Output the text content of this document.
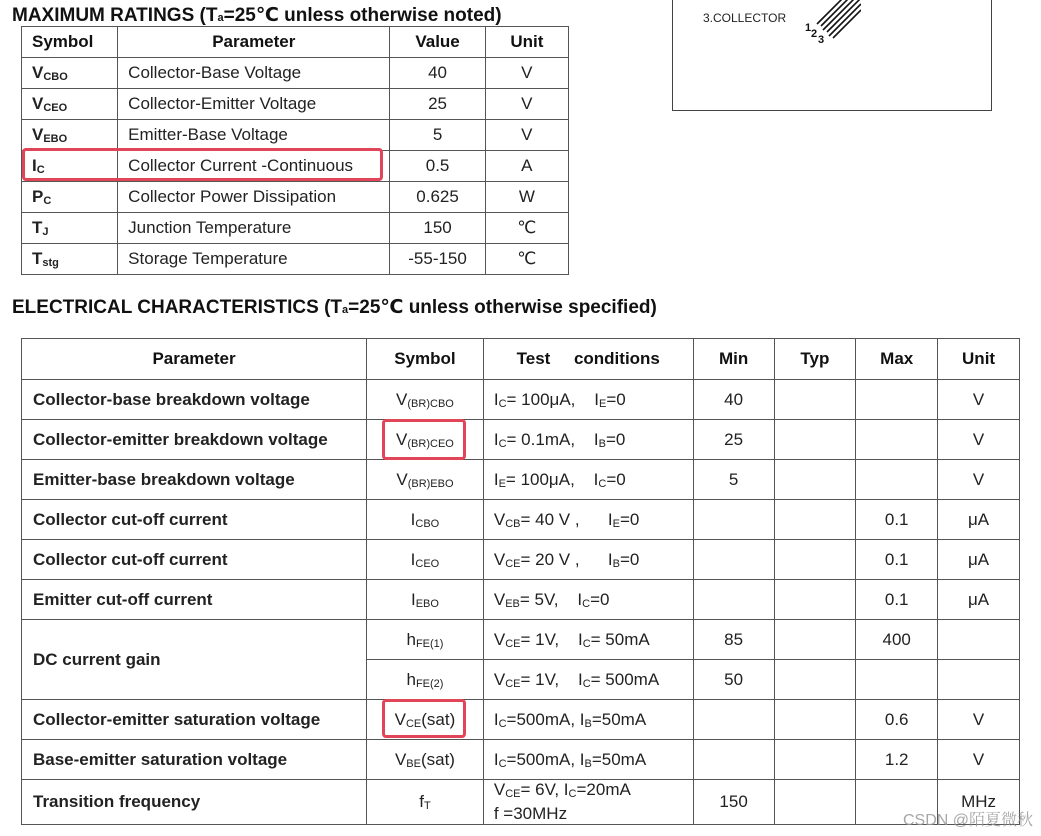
MAXIMUM RATINGS (Ta=25℃ unless otherwise noted)
Symbol	Parameter	Value	Unit
$V_{CBO}$	Collector-Base Voltage	40	V
$V_{CEO}$	Collector-Emitter Voltage	25	V
$V_{EBO}$	Emitter-Base Voltage	5	V
$I_C$	Collector Current -Continuous	0.5	A
$P_C$	Collector Power Dissipation	0.625	W
$T_J$	Junction Temperature	150	℃
$T_{stg}$	Storage Temperature	-55-150	℃
3.COLLECTOR
1 2 3
ELECTRICAL CHARACTERISTICS (Ta=25℃ unless otherwise specified)
Parameter	Symbol	Test     conditions	Min	Typ	Max	Unit
Collector-base breakdown voltage	$V_{(BR)CBO}$	$I_C= 100\mu A$,    $I_E=0$	40			V
Collector-emitter breakdown voltage	$V_{(BR)CEO}$	$I_C= 0.1mA$,    $I_B=0$	25			V
Emitter-base breakdown voltage	$V_{(BR)EBO}$	$I_E= 100\mu A$,    $I_C=0$	5			V
Collector cut-off current	$I_{CBO}$	$V_{CB}= 40$ V ,      $I_E=0$			0.1	μA
Collector cut-off current	$I_{CEO}$	$V_{CE}= 20$ V ,      $I_B=0$			0.1	μA
Emitter cut-off current	$I_{EBO}$	$V_{EB}= 5V$,    $I_C=0$			0.1	μA
DC current gain	$h_{FE(1)}$	$V_{CE}= 1V$,    $I_C= 50mA$	85		400	
	$h_{FE(2)}$	$V_{CE}= 1V$,    $I_C= 500mA$	50			
Collector-emitter saturation voltage	$V_{CE}(sat)$	$I_C=500mA$, $I_B=50mA$			0.6	V
Base-emitter saturation voltage	$V_{BE}(sat)$	$I_C=500mA$, $I_B=50mA$			1.2	V
Transition frequency	$f_T$	$V_{CE}= 6V$, $I_C=20mA$
f =30MHz	150			MHz
CSDN @陌夏微秋
